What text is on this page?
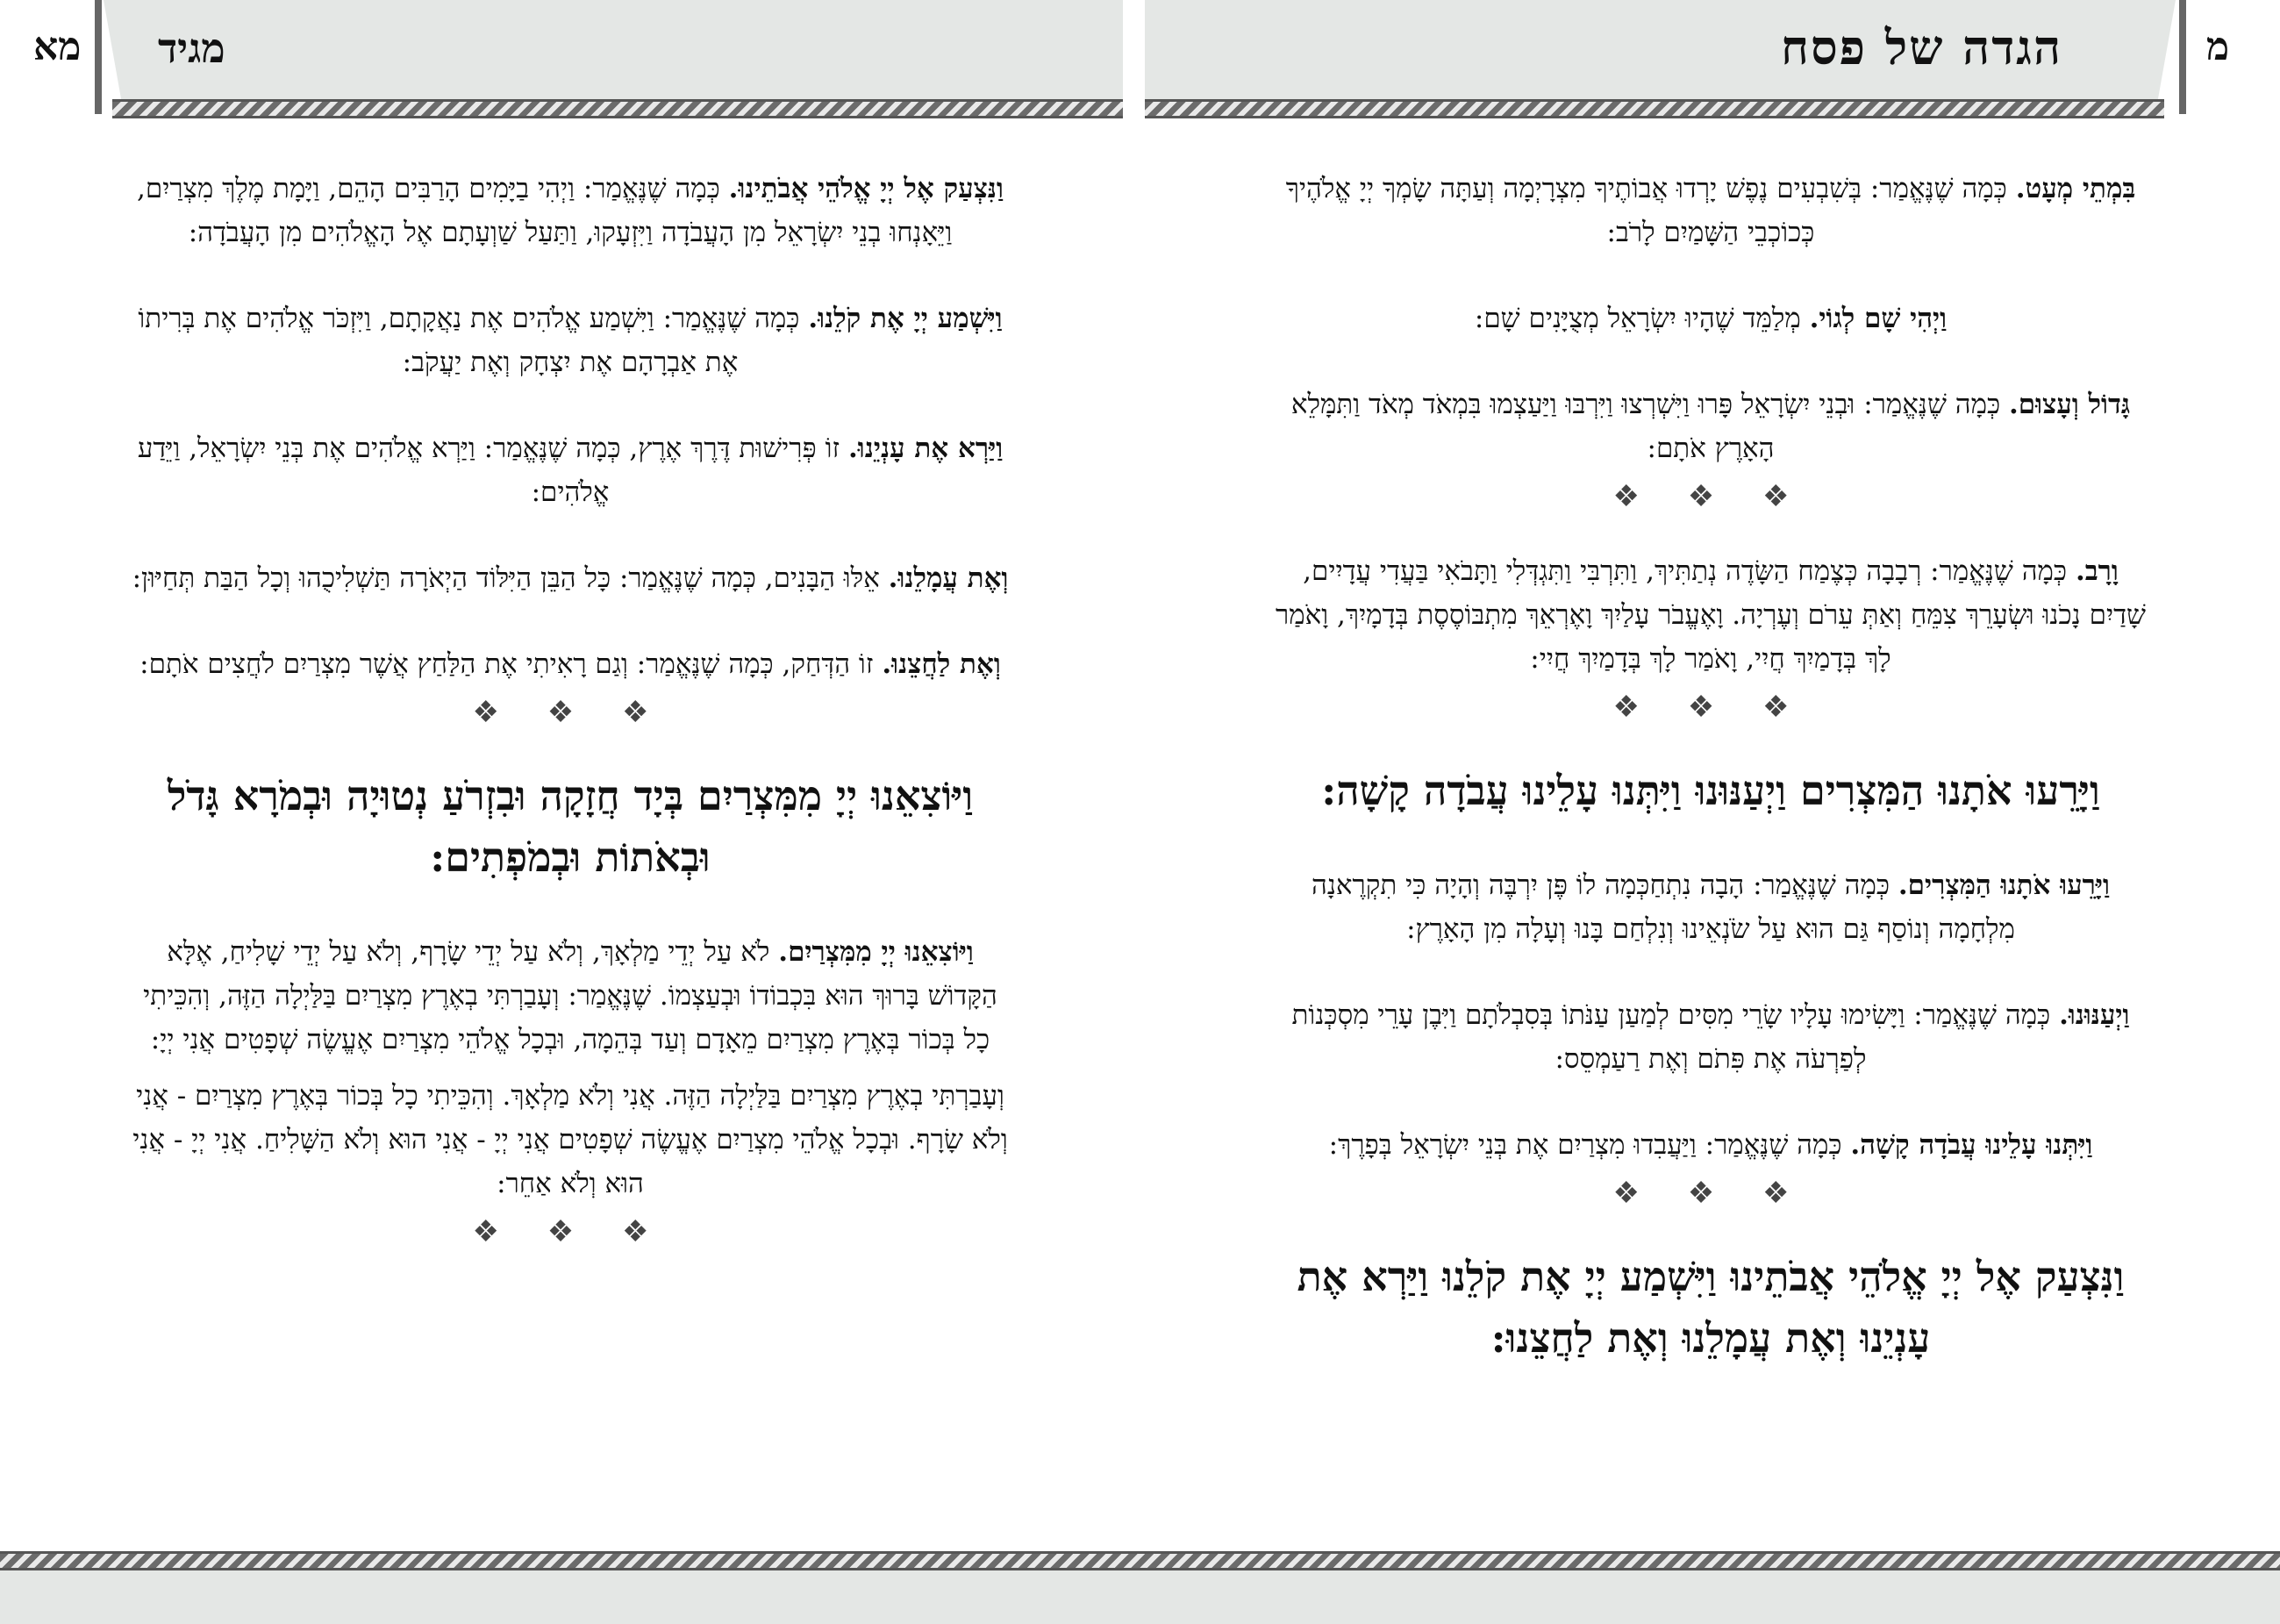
מא מגיד	הגדה של פסח	מ

וַנִּצְעַק אֶל יְיָ אֱלֹהֵי אֲבֹתֵינוּ. כְּמָה שֶׁנֶּאֱמַר: וַיְהִי בַיָּמִים הָרַבִּים הָהֵם, וַיָּמָת מֶלֶךְ מִצְרַיִם, וַיֵּאָנְחוּ בְנֵי יִשְׂרָאֵל מִן הָעֲבֹדָה וַיִּזְעָקוּ, וַתַּעַל שַׁוְעָתָם אֶל הָאֱלֹהִים מִן הָעֲבֹדָה:

וַיִּשְׁמַע יְיָ אֶת קֹלֵנוּ. כְּמָה שֶׁנֶּאֱמַר: וַיִּשְׁמַע אֱלֹהִים אֶת נַאֲקָתָם, וַיִּזְכֹּר אֱלֹהִים אֶת בְּרִיתוֹ אֶת אַבְרָהָם אֶת יִצְחָק וְאֶת יַעֲקֹב:

וַיַּרְא אֶת עָנְיֵנוּ. זוֹ פְּרִישׁוּת דֶּרֶךְ אֶרֶץ, כְּמָה שֶׁנֶּאֱמַר: וַיַּרְא אֱלֹהִים אֶת בְּנֵי יִשְׂרָאֵל, וַיֵּדַע אֱלֹהִים:

וְאֶת עֲמָלֵנוּ. אֵלּוּ הַבָּנִים, כְּמָה שֶׁנֶּאֱמַר: כָּל הַבֵּן הַיִּלּוֹד הַיְאֹרָה תַּשְׁלִיכֻהוּ וְכָל הַבַּת תְּחַיּוּן:

וְאֶת לַחֲצֵנוּ. זוֹ הַדְּחַק, כְּמָה שֶׁנֶּאֱמַר: וְגַם רָאִיתִי אֶת הַלַּחַץ אֲשֶׁר מִצְרַיִם לֹחֲצִים אֹתָם:

❖ ❖ ❖
וַיּוֹצִאֵנוּ יְיָ מִמִּצְרַיִם בְּיָד חֲזָקָה וּבִזְרֹעַ נְטוּיָה וּבְמֹרָא גָּדֹל וּבְאֹתוֹת וּבְמֹפְתִים:

וַיּוֹצִאֵנוּ יְיָ מִמִּצְרַיִם. לֹא עַל יְדֵי מַלְאָךְ, וְלֹא עַל יְדֵי שָׂרָף, וְלֹא עַל יְדֵי שָׁלִיחַ, אֶלָּא הַקָּדוֹשׁ בָּרוּךְ הוּא בִּכְבוֹדוֹ וּבְעַצְמוֹ. שֶׁנֶּאֱמַר: וְעָבַרְתִּי בְאֶרֶץ מִצְרַיִם בַּלַּיְלָה הַזֶּה, וְהִכֵּיתִי כָל בְּכוֹר בְּאֶרֶץ מִצְרַיִם מֵאָדָם וְעַד בְּהֵמָה, וּבְכָל אֱלֹהֵי מִצְרַיִם אֶעֱשֶׂה שְׁפָטִים אֲנִי יְיָ:

וְעָבַרְתִּי בְאֶרֶץ מִצְרַיִם בַּלַּיְלָה הַזֶּה. אֲנִי וְלֹא מַלְאָךְ. וְהִכֵּיתִי כָל בְּכוֹר בְּאֶרֶץ מִצְרַיִם - אֲנִי וְלֹא שָׂרָף. וּבְכָל אֱלֹהֵי מִצְרַיִם אֶעֱשֶׂה שְׁפָטִים אֲנִי יְיָ - אֲנִי הוּא וְלֹא הַשָּׁלִיחַ. אֲנִי יְיָ - אֲנִי הוּא וְלֹא אַחֵר:

❖ ❖ ❖

בִּמְתֵי מְעָט. כְּמָה שֶׁנֶּאֱמַר: בְּשִׁבְעִים נֶפֶשׁ יָרְדוּ אֲבוֹתֶיךָ מִצְרָיְמָה וְעַתָּה שָׂמְךָ יְיָ אֱלֹהֶיךָ כְּכוֹכְבֵי הַשָּׁמַיִם לָרֹב:

וַיְהִי שָׁם לְגוֹי. מְלַמֵּד שֶׁהָיוּ יִשְׂרָאֵל מְצֻיָּנִים שָׁם:

גָּדוֹל וְעָצוּם. כְּמָה שֶׁנֶּאֱמַר: וּבְנֵי יִשְׂרָאֵל פָּרוּ וַיִּשְׁרְצוּ וַיִּרְבּוּ וַיַּעַצְמוּ בִּמְאֹד מְאֹד וַתִּמָּלֵא הָאָרֶץ אֹתָם:

❖ ❖ ❖

וָרָב. כְּמָה שֶׁנֶּאֱמַר: רְבָבָה כְּצֶמַח הַשָּׂדֶה נְתַתִּיךְ, וַתִּרְבִּי וַתִּגְדְּלִי וַתָּבֹאִי בַּעֲדִי עֲדָיִים, שָׁדַיִם נָכֹנוּ וּשְׂעָרֵךְ צִמֵּחַ וְאַתְּ עֵרֹם וְעֶרְיָה. וָאֶעֱבֹר עָלַיִךְ וָאֶרְאֵךְ מִתְבּוֹסֶסֶת בְּדָמָיִךְ, וָאֹמַר לָךְ בְּדָמַיִךְ חֲיִי, וָאֹמַר לָךְ בְּדָמַיִךְ חֲיִי:

❖ ❖ ❖
וַיָּרֵעוּ אֹתָנוּ הַמִּצְרִים וַיְעַנּוּנוּ וַיִּתְּנוּ עָלֵינוּ עֲבֹדָה קָשָׁה:

וַיָּרֵעוּ אֹתָנוּ הַמִּצְרִים. כְּמָה שֶׁנֶּאֱמַר: הָבָה נִתְחַכְּמָה לוֹ פֶּן יִרְבֶּה וְהָיָה כִּי תִקְרֶאנָה מִלְחָמָה וְנוֹסַף גַּם הוּא עַל שֹׂנְאֵינוּ וְנִלְחַם בָּנוּ וְעָלָה מִן הָאָרֶץ:

וַיְעַנּוּנוּ. כְּמָה שֶׁנֶּאֱמַר: וַיָּשִׂימוּ עָלָיו שָׂרֵי מִסִּים לְמַעַן עַנֹּתוֹ בְּסִבְלֹתָם וַיִּבֶן עָרֵי מִסְכְּנוֹת לְפַרְעֹה אֶת פִּתֹם וְאֶת רַעַמְסֵס:

וַיִּתְּנוּ עָלֵינוּ עֲבֹדָה קָשָׁה. כְּמָה שֶׁנֶּאֱמַר: וַיַּעֲבִדוּ מִצְרַיִם אֶת בְּנֵי יִשְׂרָאֵל בְּפָרֶךְ:

❖ ❖ ❖
וַנִּצְעַק אֶל יְיָ אֱלֹהֵי אֲבֹתֵינוּ וַיִּשְׁמַע יְיָ אֶת קֹלֵנוּ וַיַּרְא אֶת עָנְיֵנוּ וְאֶת עֲמָלֵנוּ וְאֶת לַחֲצֵנוּ:
